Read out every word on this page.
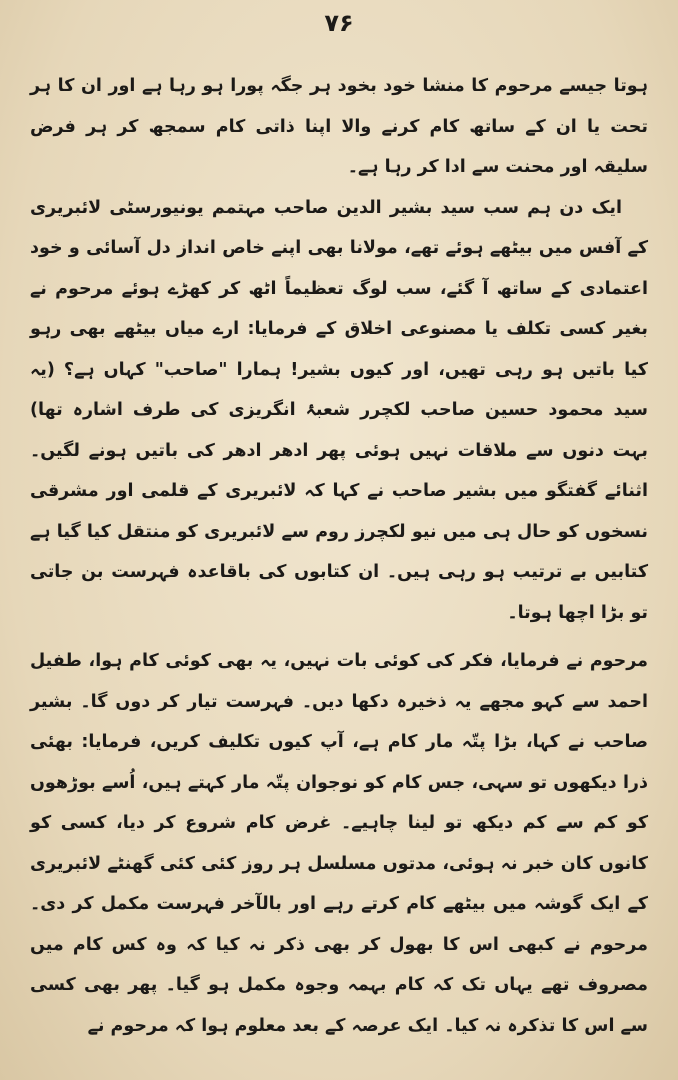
۷۶

ہوتا جیسے مرحوم کا منشا خود بخود ہر جگہ پورا ہو رہا ہے اور ان کا ہر تحت یا ان کے ساتھ کام کرنے والا اپنا ذاتی کام سمجھ کر ہر فرض سلیقہ اور محنت سے ادا کر رہا ہے۔

ایک دن ہم سب سید بشیر الدین صاحب مہتمم یونیورسٹی لائبریری کے آفس میں بیٹھے ہوئے تھے، مولانا بھی اپنے خاص انداز دل آسائی و خود اعتمادی کے ساتھ آ گئے، سب لوگ تعظیماً اٹھ کر کھڑے ہوئے مرحوم نے بغیر کسی تکلف یا مصنوعی اخلاق کے فرمایا: ارے میاں بیٹھے بھی رہو کیا باتیں ہو رہی تھیں، اور کیوں بشیر! ہمارا "صاحب" کہاں ہے؟ (یہ سید محمود حسین صاحب لکچرر شعبۂ انگریزی کی طرف اشارہ تھا) بہت دنوں سے ملاقات نہیں ہوئی پھر ادھر ادھر کی باتیں ہونے لگیں۔ اثنائے گفتگو میں بشیر صاحب نے کہا کہ لائبریری کے قلمی اور مشرقی نسخوں کو حال ہی میں نیو لکچرز روم سے لائبریری کو منتقل کیا گیا ہے کتابیں بے ترتیب ہو رہی ہیں۔ ان کتابوں کی باقاعدہ فہرست بن جاتی تو بڑا اچھا ہوتا۔

مرحوم نے فرمایا، فکر کی کوئی بات نہیں، یہ بھی کوئی کام ہوا، طفیل احمد سے کہو مجھے یہ ذخیرہ دکھا دیں۔ فہرست تیار کر دوں گا۔ بشیر صاحب نے کہا، بڑا پتّہ مار کام ہے، آپ کیوں تکلیف کریں، فرمایا: بھئی ذرا دیکھوں تو سہی، جس کام کو نوجوان پتّہ مار کہتے ہیں، اُسے بوڑھوں کو کم سے کم دیکھ تو لینا چاہیے۔ غرض کام شروع کر دیا، کسی کو کانوں کان خبر نہ ہوئی، مدتوں مسلسل ہر روز کئی کئی گھنٹے لائبریری کے ایک گوشہ میں بیٹھے کام کرتے رہے اور بالآخر فہرست مکمل کر دی۔ مرحوم نے کبھی اس کا بھول کر بھی ذکر نہ کیا کہ وہ کس کام میں مصروف تھے یہاں تک کہ کام بہمہ وجوہ مکمل ہو گیا۔ پھر بھی کسی سے اس کا تذکرہ نہ کیا۔ ایک عرصہ کے بعد معلوم ہوا کہ مرحوم نے
